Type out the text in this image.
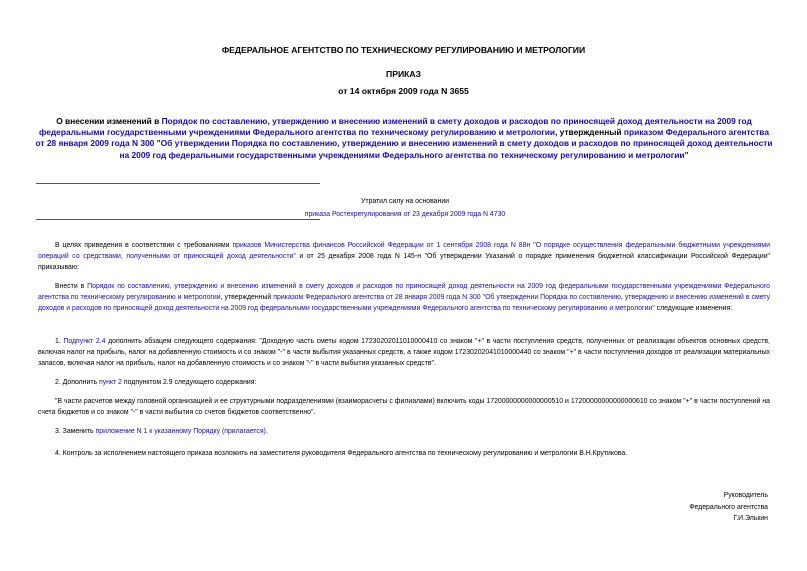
ФЕДЕРАЛЬНОЕ АГЕНТСТВО ПО ТЕХНИЧЕСКОМУ РЕГУЛИРОВАНИЮ И МЕТРОЛОГИИ
ПРИКАЗ
от 14 октября 2009 года N 3655
О внесении изменений в Порядок по составлению, утверждению и внесению изменений в смету доходов и расходов по приносящей доход деятельности на 2009 год федеральными государственными учреждениями Федерального агентства по техническому регулированию и метрологии, утвержденный приказом Федерального агентства от 28 января 2009 года N 300 "Об утверждении Порядка по составлению, утверждению и внесению изменений в смету доходов и расходов по приносящей доход деятельности на 2009 год федеральными государственными учреждениями Федерального агентства по техническому регулированию и метрологии"
Утратил силу на основании
приказа Ростехрегулирования от 23 декабря 2009 года N 4730
В целях приведения в соответствии с требованиями приказов Министерства финансов Российской Федерации от 1 сентября 2008 года N 88н "О порядке осуществления федеральными бюджетными учреждениями операций со средствами, полученными от приносящей доход деятельности" и от 25 декабря 2008 года N 145-н "Об утверждении Указаний о порядке применения бюджетной классификации Российской Федерации" приказываю:
Внести в Порядок по составлению, утверждению и внесению изменений в смету доходов и расходов по приносящей доход деятельности на 2009 год федеральными государственными учреждениями Федерального агентства по техническому регулированию и метрологии, утвержденный приказом Федерального агентства от 28 января 2009 года N 300 "Об утверждении Порядка по составлению, утверждению и внесению изменений в смету доходов и расходов по приносящей доход деятельности на 2009 год федеральными государственными учреждениями Федерального агентства по техническому регулированию и метрологии" следующие изменения:
1. Подпункт 2.4 дополнить абзацем следующего содержания: "Доходную часть сметы кодом 17230202011010000410 со знаком "+" в части поступления средств, полученных от реализации объектов основных средств, включая налог на прибыль, налог на добавленную стоимость и со знаком "-" в части выбытия указанных средств, а также кодом 17230202041010000440 со знаком "+" в части поступления доходов от реализации материальных запасов, включая налог на прибыль, налог на добавленную стоимость и со знаком "-" в части выбытия указанных средств".
2. Дополнить пункт 2 подпунктом 2.9 следующего содержания:
"В части расчетов между головной организацией и ее структурными подразделениями (взаиморасчеты с филиалами) включить коды 17200000000000000510 и 17200000000000000610 со знаком "+" в части поступлений на счета бюджетов и со знаком "-" в части выбытия со счетов бюджетов соответственно".
3. Заменить приложение N 1 к указанному Порядку (прилагается).
4. Контроль за исполнением настоящего приказа возложить на заместителя руководителя Федерального агентства по техническому регулированию и метрологии В.Н.Крутикова.
Руководитель
Федерального агентства
Г.И.Элькин
